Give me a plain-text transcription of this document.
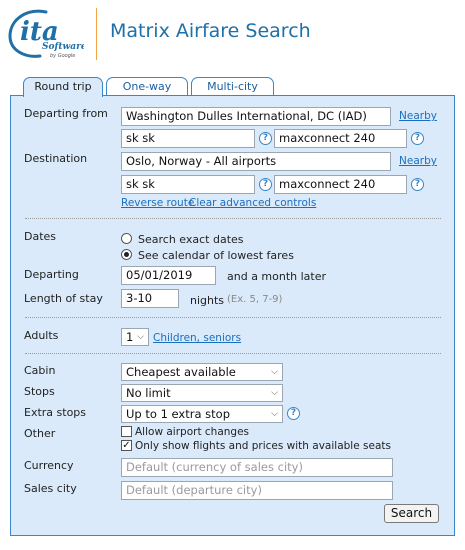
ita
Software
by Google
Matrix Airfare Search
Round trip	One-way	Multi-city
Departing from	Washington Dulles International, DC (IAD)	Nearby
sk sk	? maxconnect 240	?
Destination	Oslo, Norway - All airports	Nearby
sk sk	? maxconnect 240	?
Reverse route
Clear advanced controls
Dates	Search exact dates
See calendar of lowest fares
Departing	05/01/2019	and a month later
Length of stay	3-10	nights (Ex. 5, 7-9)
Adults	1 ⌵ Children, seniors
Cabin	Cheapest available	⌵
Stops	No limit	⌵
Extra stops	Up to 1 extra stop	⌵	?
Other	Allow airport changes
✓ Only show flights and prices with available seats
Currency	Default (currency of sales city)
Sales city	Default (departure city)
Search
